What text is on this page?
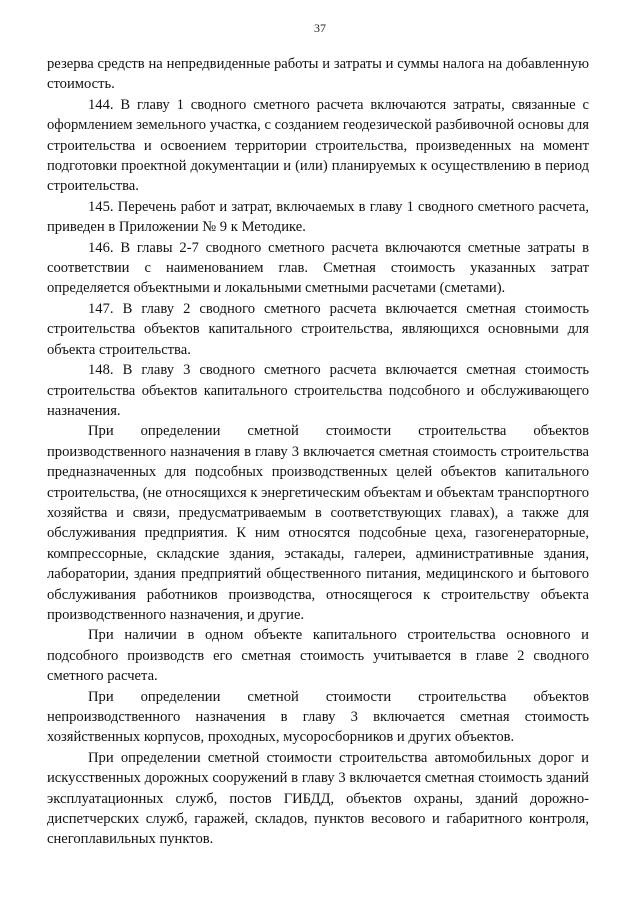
37

резерва средств на непредвиденные работы и затраты и суммы налога на добавленную стоимость.

144. В главу 1 сводного сметного расчета включаются затраты, связанные с оформлением земельного участка, с созданием геодезической разбивочной основы для строительства и освоением территории строительства, произведенных на момент подготовки проектной документации и (или) планируемых к осуществлению в период строительства.

145. Перечень работ и затрат, включаемых в главу 1 сводного сметного расчета, приведен в Приложении № 9 к Методике.

146. В главы 2-7 сводного сметного расчета включаются сметные затраты в соответствии с наименованием глав. Сметная стоимость указанных затрат определяется объектными и локальными сметными расчетами (сметами).

147. В главу 2 сводного сметного расчета включается сметная стоимость строительства объектов капитального строительства, являющихся основными для объекта строительства.

148. В главу 3 сводного сметного расчета включается сметная стоимость строительства объектов капитального строительства подсобного и обслуживающего назначения.

При определении сметной стоимости строительства объектов производственного назначения в главу 3 включается сметная стоимость строительства предназначенных для подсобных производственных целей объектов капитального строительства, (не относящихся к энергетическим объектам и объектам транспортного хозяйства и связи, предусматриваемым в соответствующих главах), а также для обслуживания предприятия. К ним относятся подсобные цеха, газогенераторные, компрессорные, складские здания, эстакады, галереи, административные здания, лаборатории, здания предприятий общественного питания, медицинского и бытового обслуживания работников производства, относящегося к строительству объекта производственного назначения, и другие.

При наличии в одном объекте капитального строительства основного и подсобного производств его сметная стоимость учитывается в главе 2 сводного сметного расчета.

При определении сметной стоимости строительства объектов непроизводственного назначения в главу 3 включается сметная стоимость хозяйственных корпусов, проходных, мусоросборников и других объектов.

При определении сметной стоимости строительства автомобильных дорог и искусственных дорожных сооружений в главу 3 включается сметная стоимость зданий эксплуатационных служб, постов ГИБДД, объектов охраны, зданий дорожно-диспетчерских служб, гаражей, складов, пунктов весового и габаритного контроля, снегоплавильных пунктов.
